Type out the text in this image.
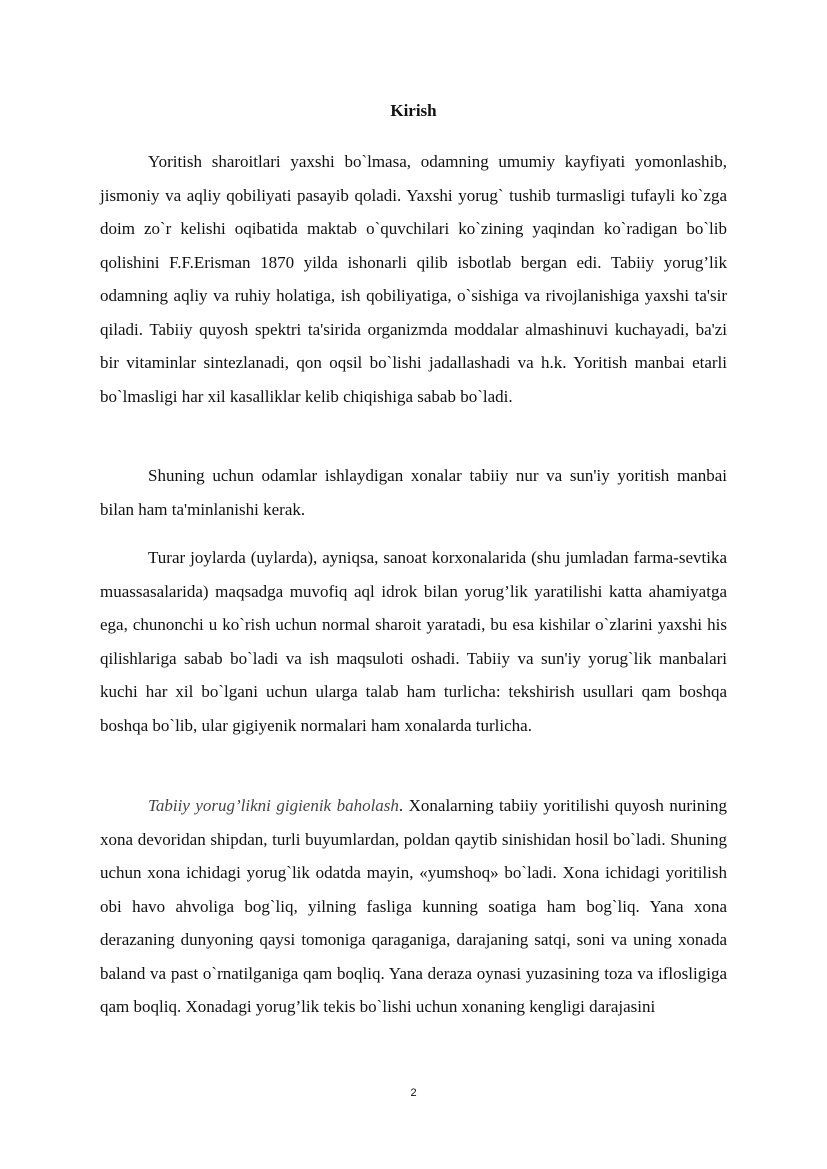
Kirish

Yoritish sharoitlari yaxshi bo`lmasa, odamning umumiy kayfiyati yomonlashib, jismoniy va aqliy qobiliyati pasayib qoladi. Yaxshi yorug` tushib turmasligi tufayli ko`zga doim zo`r kelishi oqibatida maktab o`quvchilari ko`zining yaqindan ko`radigan bo`lib qolishini F.F.Erisman 1870 yilda ishonarli qilib isbotlab bergan edi. Tabiiy yorug’lik odamning aqliy va ruhiy holatiga, ish qobiliyatiga, o`sishiga va rivojlanishiga yaxshi ta'sir qiladi. Tabiiy quyosh spektri ta'sirida organizmda moddalar almashinuvi kuchayadi, ba'zi bir vitaminlar sintezlanadi, qon oqsil bo`lishi jadallashadi va h.k. Yoritish manbai etarli bo`lmasligi har xil kasalliklar kelib chiqishiga sabab bo`ladi.

Shuning uchun odamlar ishlaydigan xonalar tabiiy nur va sun'iy yoritish manbai bilan ham ta'minlanishi kerak.

Turar joylarda (uylarda), ayniqsa, sanoat korxonalarida (shu jumladan farma-sevtika muassasalarida) maqsadga muvofiq aql idrok bilan yorug’lik yaratilishi katta ahamiyatga ega, chunonchi u ko`rish uchun normal sharoit yaratadi, bu esa kishilar o`zlarini yaxshi his qilishlariga sabab bo`ladi va ish maqsuloti oshadi. Tabiiy va sun'iy yorug`lik manbalari kuchi har xil bo`lgani uchun ularga talab ham turlicha: tekshirish usullari qam boshqa boshqa bo`lib, ular gigiyenik normalari ham xonalarda turlicha.

Tabiiy yorug’likni gigienik baholash. Xonalarning tabiiy yoritilishi quyosh nurining xona devoridan shipdan, turli buyumlardan, poldan qaytib sinishidan hosil bo`ladi. Shuning uchun xona ichidagi yorug`lik odatda mayin, «yumshoq» bo`ladi. Xona ichidagi yoritilish obi havo ahvoliga bog`liq, yilning fasliga kunning soatiga ham bog`liq. Yana xona derazaning dunyoning qaysi tomoniga qaraganiga, darajaning satqi, soni va uning xonada baland va past o`rnatilganiga qam boqliq. Yana deraza oynasi yuzasining toza va iflosligiga qam boqliq. Xonadagi yorug’lik tekis bo`lishi uchun xonaning kengligi darajasini

2
